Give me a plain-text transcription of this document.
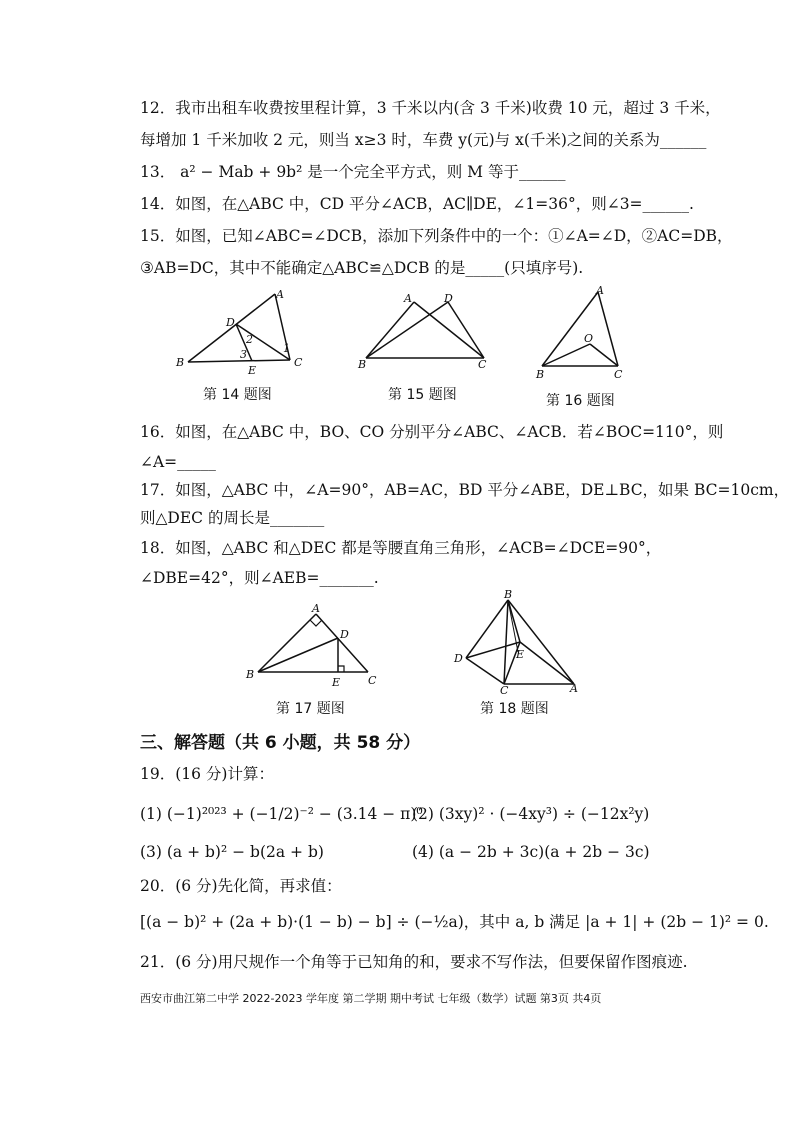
12．我市出租车收费按里程计算，3 千米以内(含 3 千米)收费 10 元，超过 3 千米，
每增加 1 千米加收 2 元，则当 x≥3 时，车费 y(元)与 x(千米)之间的关系为______
13． a² − Mab + 9b² 是一个完全平方式，则 M 等于______
14．如图，在△ABC 中，CD 平分∠ACB，AC∥DE，∠1=36°，则∠3=______.
15．如图，已知∠ABC=∠DCB，添加下列条件中的一个：①∠A=∠D，②AC=DB，
③AB=DC，其中不能确定△ABC≌△DCB 的是_____(只填序号).
A
D
B
E
C
1
2
3
第 14 题图
A	D
B	C
第 15 题图
A
O
B	C
第 16 题图
16．如图，在△ABC 中，BO、CO 分别平分∠ABC、∠ACB．若∠BOC=110°，则
∠A=_____
17．如图，△ABC 中，∠A=90°，AB=AC，BD 平分∠ABE，DE⊥BC，如果 BC=10cm，
则△DEC 的周长是_______
18．如图，△ABC 和△DEC 都是等腰直角三角形，∠ACB=∠DCE=90°，
∠DBE=42°，则∠AEB=_______.
A
D
B
E	C
第 17 题图
B
D	E
C	A
第 18 题图
三、解答题（共 6 小题，共 58 分）
19．(16 分)计算：
(1) (−1)²⁰²³ + (−1/2)⁻² − (3.14 − π)⁰
(2) (3xy)² · (−4xy³) ÷ (−12x²y)
(3) (a + b)² − b(2a + b)	(4) (a − 2b + 3c)(a + 2b − 3c)
20．(6 分)先化简，再求值：
[(a − b)² + (2a + b)·(1 − b) − b] ÷ (−½a)，其中 a, b 满足 |a + 1| + (2b − 1)² = 0.
21．(6 分)用尺规作一个角等于已知角的和，要求不写作法，但要保留作图痕迹.
西安市曲江第二中学 2022-2023 学年度 第二学期 期中考试 七年级（数学）试题 第3页 共4页
